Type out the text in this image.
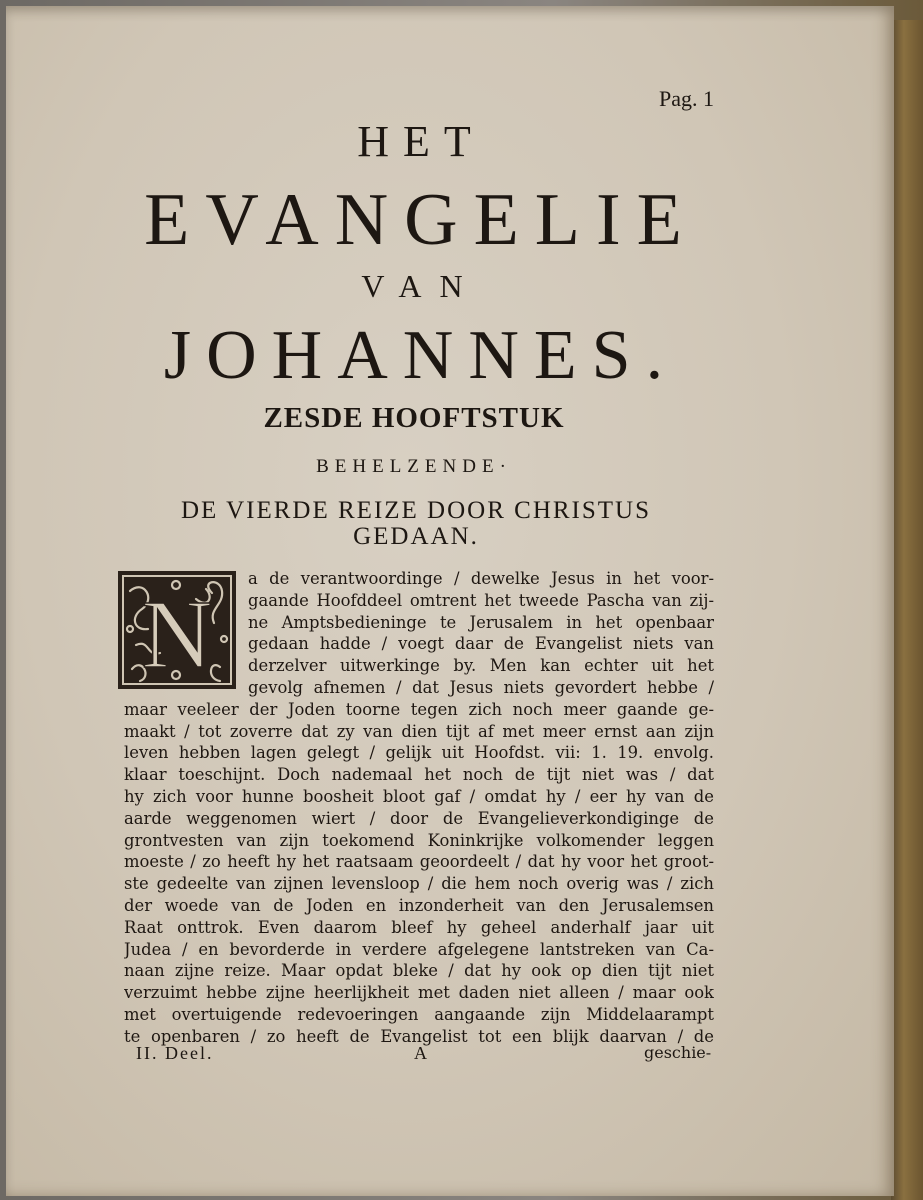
Pag. 1
HET
EVANGELIE
VAN
JOHANNES.
ZESDE HOOFTSTUK
BEHELZENDE·
DE VIERDE REIZE DOOR CHRISTUS
GEDAAN.
N
a de verantwoordinge / dewelke Jesus in het voor-
gaande Hoofddeel omtrent het tweede Pascha van zij-
ne Amptsbedieninge te Jerusalem in het openbaar
gedaan hadde / voegt daar de Evangelist niets van
derzelver uitwerkinge by. Men kan echter uit het
gevolg afnemen / dat Jesus niets gevordert hebbe /
maar veeleer der Joden toorne tegen zich noch meer gaande ge-
maakt / tot zoverre dat zy van dien tijt af met meer ernst aan zijn
leven hebben lagen gelegt / gelijk uit Hoofdst. vii: 1. 19. envolg.
klaar toeschijnt. Doch nademaal het noch de tijt niet was / dat
hy zich voor hunne boosheit bloot gaf / omdat hy / eer hy van de
aarde weggenomen wiert / door de Evangelieverkondiginge de
grontvesten van zijn toekomend Koninkrijke volkomender leggen
moeste / zo heeft hy het raatsaam geoordeelt / dat hy voor het groot-
ste gedeelte van zijnen levensloop / die hem noch overig was / zich
der woede van de Joden en inzonderheit van den Jerusalemsen
Raat onttrok. Even daarom bleef hy geheel anderhalf jaar uit
Judea / en bevorderde in verdere afgelegene lantstreken van Ca-
naan zijne reize. Maar opdat bleke / dat hy ook op dien tijt niet
verzuimt hebbe zijne heerlijkheit met daden niet alleen / maar ook
met overtuigende redevoeringen aangaande zijn Middelaarampt
te openbaren / zo heeft de Evangelist tot een blijk daarvan / de
II. Deel.	A	geschie-
